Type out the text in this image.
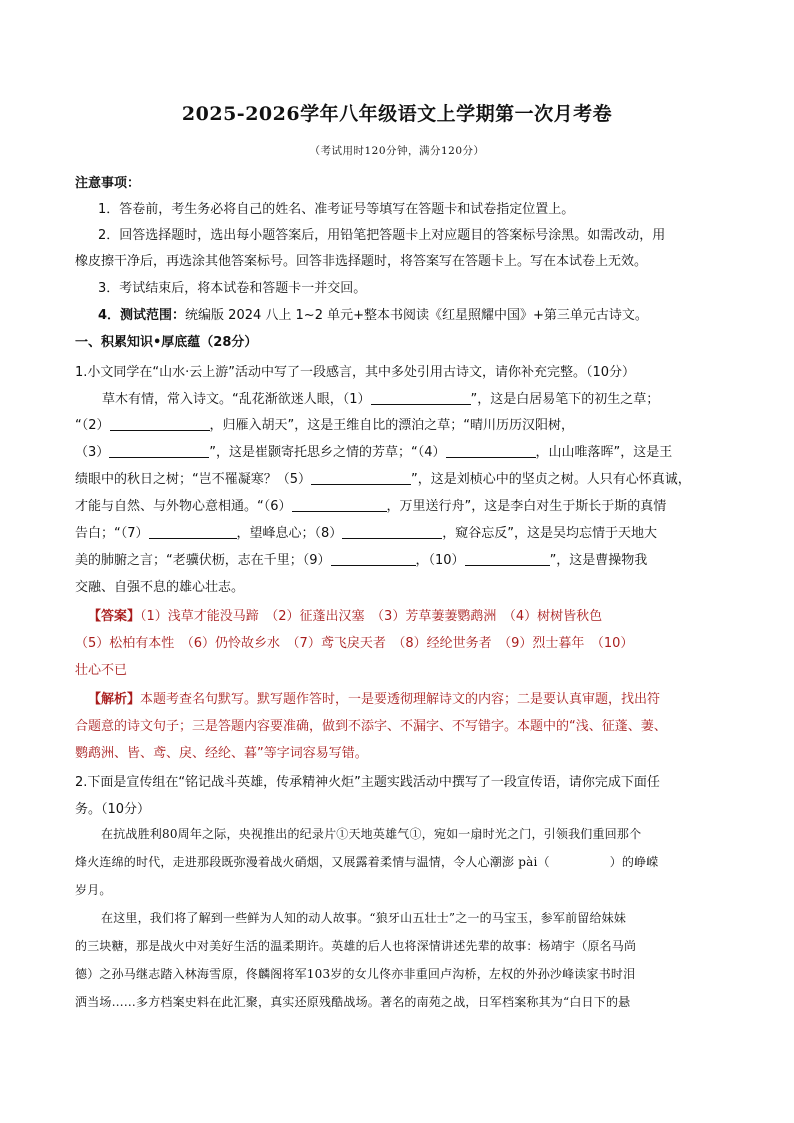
2025-2026学年八年级语文上学期第一次月考卷
（考试用时120分钟，满分120分）
注意事项：
1．答卷前，考生务必将自己的姓名、准考证号等填写在答题卡和试卷指定位置上。
2．回答选择题时，选出每小题答案后，用铅笔把答题卡上对应题目的答案标号涂黑。如需改动，用
橡皮擦干净后，再选涂其他答案标号。回答非选择题时，将答案写在答题卡上。写在本试卷上无效。
3．考试结束后，将本试卷和答题卡一并交回。
4．测试范围：统编版 2024 八上 1~2 单元+整本书阅读《红星照耀中国》+第三单元古诗文。
一、积累知识•厚底蕴（28分）
1.小文同学在“山水·云上游”活动中写了一段感言，其中多处引用古诗文，请你补充完整。（10分）
草木有情，常入诗文。“乱花渐欲迷人眼，（1）	”，这是白居易笔下的初生之草；
“（2）	，归雁入胡天”，这是王维自比的漂泊之草；“晴川历历汉阳树，
（3）	”，这是崔颢寄托思乡之情的芳草；“（4）	，山山唯落晖”，这是王
绩眼中的秋日之树；“岂不罹凝寒？（5）	”，这是刘桢心中的坚贞之树。人只有心怀真诚，
才能与自然、与外物心意相通。“（6）	，万里送行舟”，这是李白对生于斯长于斯的真情
告白；“（7）	，望峰息心；（8）	，窥谷忘反”，这是吴均忘情于天地大
美的肺腑之言；“老骥伏枥，志在千里；（9）	，（10）	”，这是曹操物我
交融、自强不息的雄心壮志。
【答案】（1）浅草才能没马蹄　（2）征蓬出汉塞　（3）芳草萋萋鹦鹉洲　（4）树树皆秋色
（5）松柏有本性　（6）仍怜故乡水　（7）鸢飞戾天者　（8）经纶世务者　（9）烈士暮年　（10）
壮心不已
【解析】本题考查名句默写。默写题作答时，一是要透彻理解诗文的内容；二是要认真审题，找出符
合题意的诗文句子；三是答题内容要准确，做到不添字、不漏字、不写错字。本题中的“浅、征蓬、萋、
鹦鹉洲、皆、鸢、戾、经纶、暮”等字词容易写错。
2.下面是宣传组在“铭记战斗英雄，传承精神火炬”主题实践活动中撰写了一段宣传语，请你完成下面任
务。（10分）
在抗战胜利80周年之际，央视推出的纪录片①天地英雄气①，宛如一扇时光之门，引领我们重回那个
烽火连绵的时代，走进那段既弥漫着战火硝烟，又展露着柔情与温情，令人心潮澎 pài（	）的峥嵘
岁月。
在这里，我们将了解到一些鲜为人知的动人故事。“狼牙山五壮士”之一的马宝玉，参军前留给妹妹
的三块糖，那是战火中对美好生活的温柔期许。英雄的后人也将深情讲述先辈的故事：杨靖宇（原名马尚
德）之孙马继志踏入林海雪原，佟麟阁将军103岁的女儿佟亦非重回卢沟桥，左权的外孙沙峰读家书时泪
洒当场……多方档案史料在此汇聚，真实还原残酷战场。著名的南苑之战，日军档案称其为“白日下的悬
